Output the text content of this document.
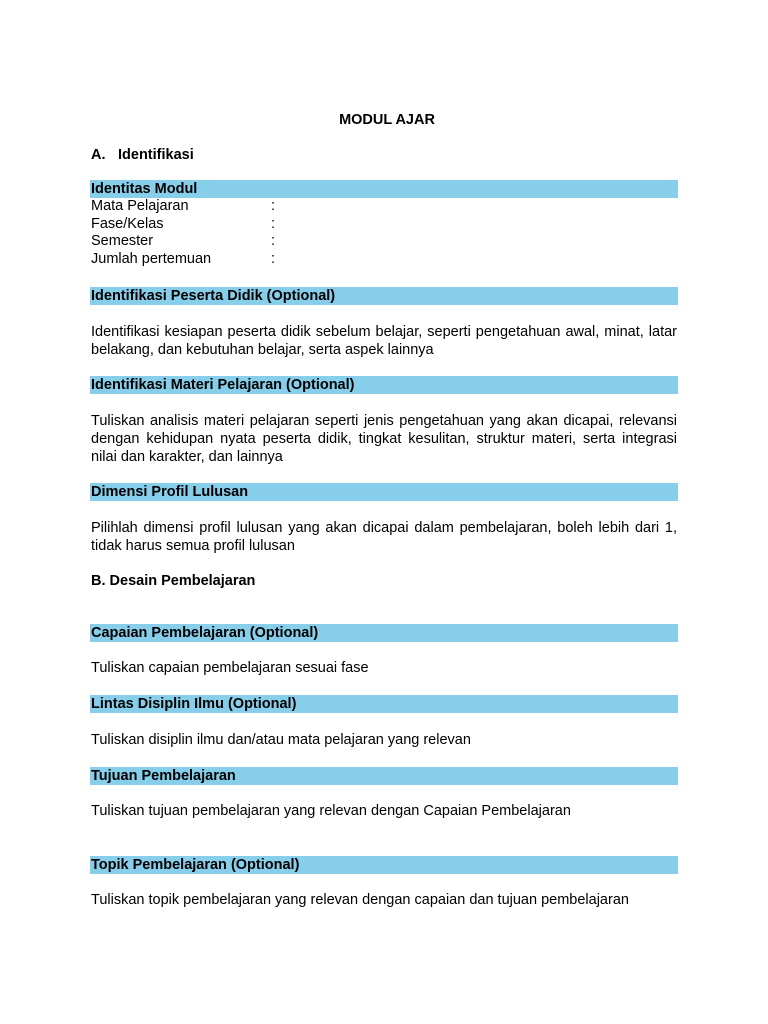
MODUL AJAR
A. Identifikasi
Identitas Modul
Mata Pelajaran	:
Fase/Kelas	:
Semester	:
Jumlah pertemuan	:
Identifikasi Peserta Didik (Optional)
Identifikasi kesiapan peserta didik sebelum belajar, seperti pengetahuan awal, minat, latar belakang, dan kebutuhan belajar, serta aspek lainnya
Identifikasi Materi Pelajaran (Optional)
Tuliskan analisis materi pelajaran seperti jenis pengetahuan yang akan dicapai, relevansi dengan kehidupan nyata peserta didik, tingkat kesulitan, struktur materi, serta integrasi nilai dan karakter, dan lainnya
Dimensi Profil Lulusan
Pilihlah dimensi profil lulusan yang akan dicapai dalam pembelajaran, boleh lebih dari 1, tidak harus semua profil lulusan
B. Desain Pembelajaran
Capaian Pembelajaran (Optional)
Tuliskan capaian pembelajaran sesuai fase
Lintas Disiplin Ilmu (Optional)
Tuliskan disiplin ilmu dan/atau mata pelajaran yang relevan
Tujuan Pembelajaran
Tuliskan tujuan pembelajaran yang relevan dengan Capaian Pembelajaran
Topik Pembelajaran (Optional)
Tuliskan topik pembelajaran yang relevan dengan capaian dan tujuan pembelajaran
